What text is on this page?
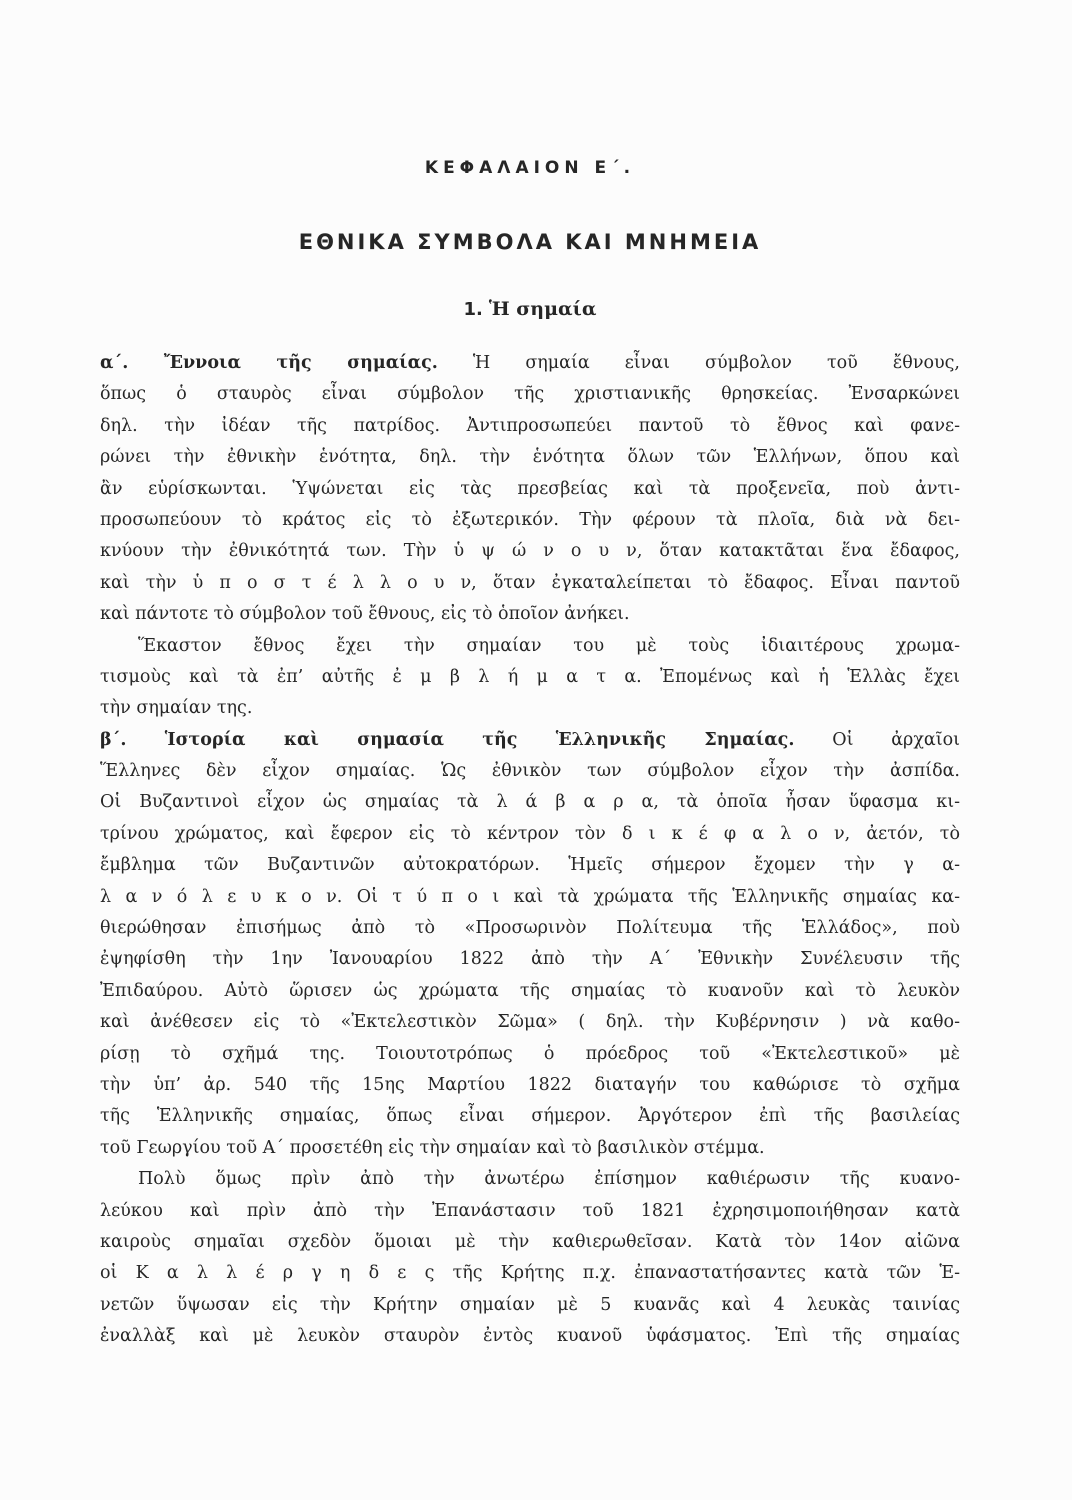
ΚΕΦΑΛΑΙΟΝ Ε΄.
ΕΘΝΙΚΑ ΣΥΜΒΟΛΑ ΚΑΙ ΜΝΗΜΕΙΑ
1. Ἡ σημαία
α΄. Ἔννοια τῆς σημαίας. Ἡ σημαία εἶναι σύμβολον τοῦ ἔθνους,
ὅπως ὁ σταυρὸς εἶναι σύμβολον τῆς χριστιανικῆς θρησκείας. Ἐνσαρκώνει
δηλ. τὴν ἰδέαν τῆς πατρίδος. Ἀντιπροσωπεύει παντοῦ τὸ ἔθνος καὶ φανε-
ρώνει τὴν ἐθνικὴν ἑνότητα, δηλ. τὴν ἑνότητα ὅλων τῶν Ἑλλήνων, ὅπου καὶ
ἂν εὑρίσκωνται. Ὑψώνεται εἰς τὰς πρεσβείας καὶ τὰ προξενεῖα, ποὺ ἀντι-
προσωπεύουν τὸ κράτος εἰς τὸ ἐξωτερικόν. Τὴν φέρουν τὰ πλοῖα, διὰ νὰ δει-
κνύουν τὴν ἐθνικότητά των. Τὴν ὑ ψ ώ ν ο υ ν, ὅταν κατακτᾶται ἕνα ἔδαφος,
καὶ τὴν ὑ π ο σ τ έ λ λ ο υ ν, ὅταν ἐγκαταλείπεται τὸ ἔδαφος. Εἶναι παντοῦ
καὶ πάντοτε τὸ σύμβολον τοῦ ἔθνους, εἰς τὸ ὁποῖον ἀνήκει.
Ἕκαστον ἔθνος ἔχει τὴν σημαίαν του μὲ τοὺς ἰδιαιτέρους χρωμα-
τισμοὺς καὶ τὰ ἐπ’ αὐτῆς ἐ μ β λ ή μ α τ α. Ἐπομένως καὶ ἡ Ἑλλὰς ἔχει
τὴν σημαίαν της.
β΄. Ἱστορία καὶ σημασία τῆς Ἑλληνικῆς Σημαίας. Οἱ ἀρχαῖοι
Ἕλληνες δὲν εἶχον σημαίας. Ὡς ἐθνικὸν των σύμβολον εἶχον τὴν ἀσπίδα.
Οἱ Βυζαντινοὶ εἶχον ὡς σημαίας τὰ λ ά β α ρ α, τὰ ὁποῖα ἦσαν ὕφασμα κι-
τρίνου χρώματος, καὶ ἔφερον εἰς τὸ κέντρον τὸν δ ι κ έ φ α λ ο ν, ἀετόν, τὸ
ἔμβλημα τῶν Βυζαντινῶν αὐτοκρατόρων. Ἡμεῖς σήμερον ἔχομεν τὴν γ α-
λ α ν ό λ ε υ κ ο ν. Οἱ τ ύ π ο ι καὶ τὰ χρώματα τῆς Ἑλληνικῆς σημαίας κα-
θιερώθησαν ἐπισήμως ἀπὸ τὸ «Προσωρινὸν Πολίτευμα τῆς Ἑλλάδος», ποὺ
ἐψηφίσθη τὴν 1ην Ἰανουαρίου 1822 ἀπὸ τὴν Α΄ Ἐθνικὴν Συνέλευσιν τῆς
Ἐπιδαύρου. Αὐτὸ ὥρισεν ὡς χρώματα τῆς σημαίας τὸ κυανοῦν καὶ τὸ λευκὸν
καὶ ἀνέθεσεν εἰς τὸ «Ἐκτελεστικὸν Σῶμα» ( δηλ. τὴν Κυβέρνησιν ) νὰ καθο-
ρίσῃ τὸ σχῆμά της. Τοιουτοτρόπως ὁ πρόεδρος τοῦ «Ἐκτελεστικοῦ» μὲ
τὴν ὑπ’ ἀρ. 540 τῆς 15ης Μαρτίου 1822 διαταγήν του καθώρισε τὸ σχῆμα
τῆς Ἑλληνικῆς σημαίας, ὅπως εἶναι σήμερον. Ἀργότερον ἐπὶ τῆς βασιλείας
τοῦ Γεωργίου τοῦ Α΄ προσετέθη εἰς τὴν σημαίαν καὶ τὸ βασιλικὸν στέμμα.
Πολὺ ὅμως πρὶν ἀπὸ τὴν ἀνωτέρω ἐπίσημον καθιέρωσιν τῆς κυανο-
λεύκου καὶ πρὶν ἀπὸ τὴν Ἐπανάστασιν τοῦ 1821 ἐχρησιμοποιήθησαν κατὰ
καιροὺς σημαῖαι σχεδὸν ὅμοιαι μὲ τὴν καθιερωθεῖσαν. Κατὰ τὸν 14ον αἰῶνα
οἱ Κ α λ λ έ ρ γ η δ ε ς τῆς Κρήτης π.χ. ἐπαναστατήσαντες κατὰ τῶν Ἑ-
νετῶν ὕψωσαν εἰς τὴν Κρήτην σημαίαν μὲ 5 κυανᾶς καὶ 4 λευκὰς ταινίας
ἐναλλὰξ καὶ μὲ λευκὸν σταυρὸν ἐντὸς κυανοῦ ὑφάσματος. Ἐπὶ τῆς σημαίας
